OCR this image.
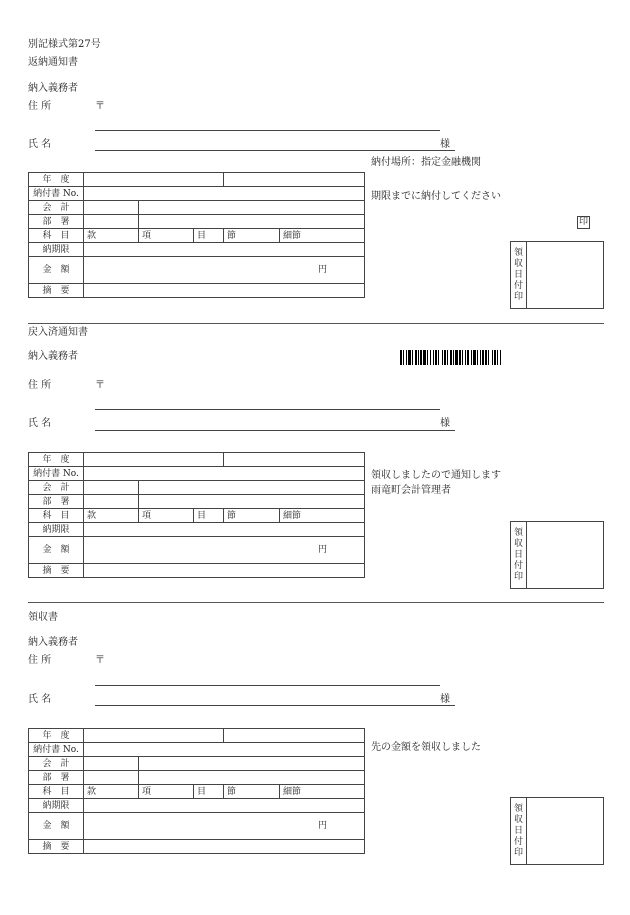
別記様式第27号
返納通知書
納入義務者
住 所	〒
氏 名	様
納付場所：指定金融機関
期限までに納付してください
印
年　度					
納付書 No.					
会　計					
部　署					
科　目	款	項	目	節	細節
納期限					
金　額	円				
摘　要					
領
収
日
付
印
戻入済通知書
納入義務者
住 所	〒
氏 名	様
領収しましたので通知します
雨竜町会計管理者
年　度					
納付書 No.					
会　計					
部　署					
科　目	款	項	目	節	細節
納期限					
金　額	円				
摘　要					
領
収
日
付
印
領収書
納入義務者
住 所	〒
氏 名	様
先の金額を領収しました
年　度					
納付書 No.					
会　計					
部　署					
科　目	款	項	目	節	細節
納期限					
金　額	円				
摘　要					
領
収
日
付
印
